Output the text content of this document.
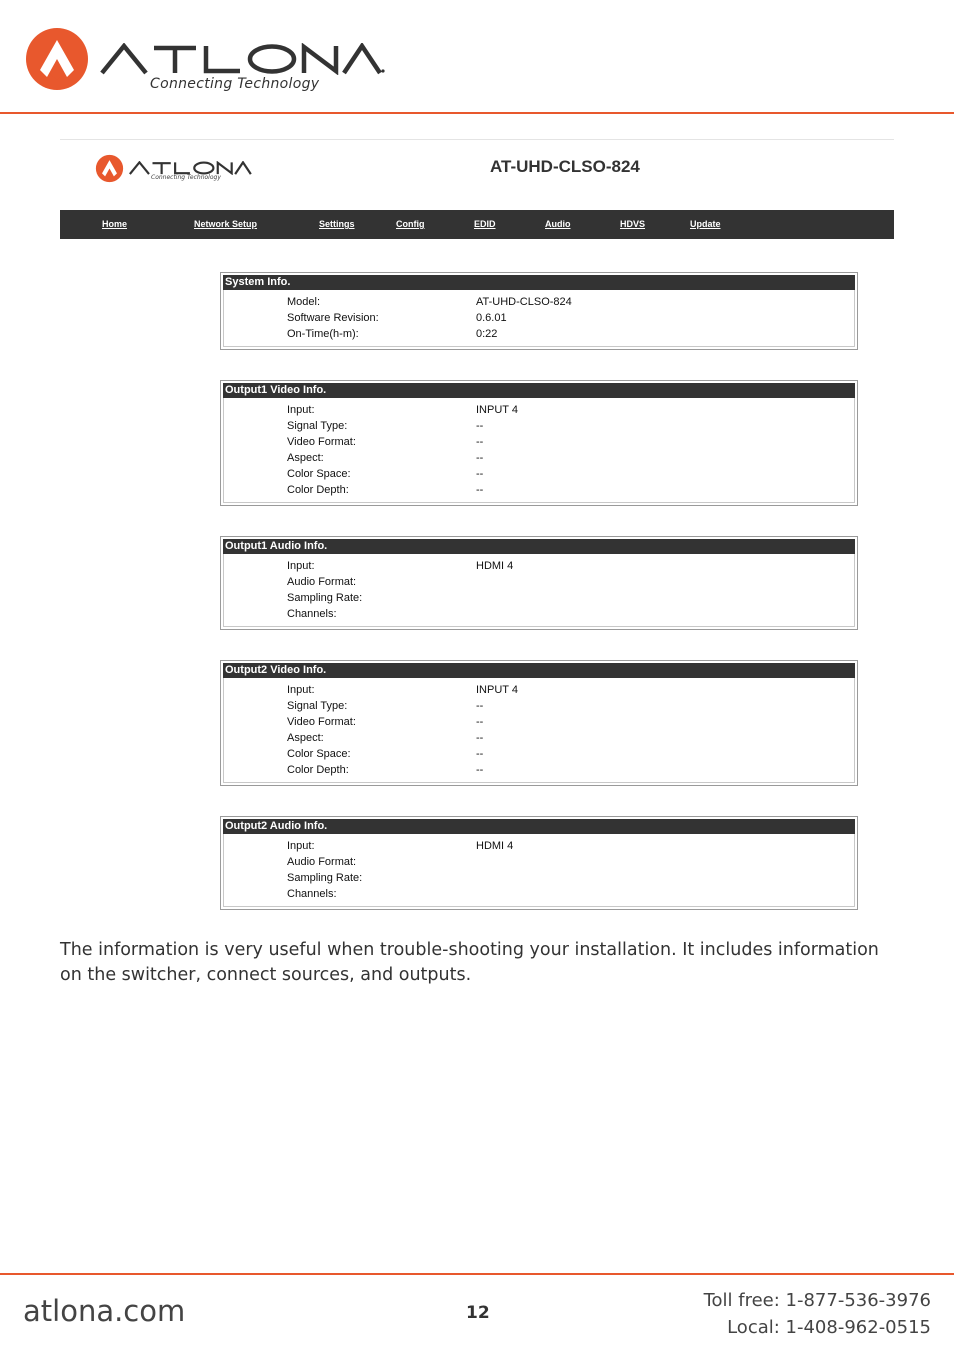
Connecting Technology
Connecting Technology
AT-UHD-CLSO-824
Home	Network Setup	Settings	Config	EDID	Audio	HDVS	Update
System Info.
Model:	AT-UHD-CLSO-824
Software Revision:	0.6.01
On-Time(h-m):	0:22
Output1 Video Info.
Input:	INPUT 4
Signal Type:	--
Video Format:	--
Aspect:	--
Color Space:	--
Color Depth:	--
Output1 Audio Info.
Input:	HDMI 4
Audio Format:
Sampling Rate:
Channels:
Output2 Video Info.
Input:	INPUT 4
Signal Type:	--
Video Format:	--
Aspect:	--
Color Space:	--
Color Depth:	--
Output2 Audio Info.
Input:	HDMI 4
Audio Format:
Sampling Rate:
Channels:

The information is very useful when trouble-shooting your installation. It includes information on the switcher, connect sources, and outputs.

atlona.com	12
Toll free: 1-877-536-3976
Local: 1-408-962-0515
